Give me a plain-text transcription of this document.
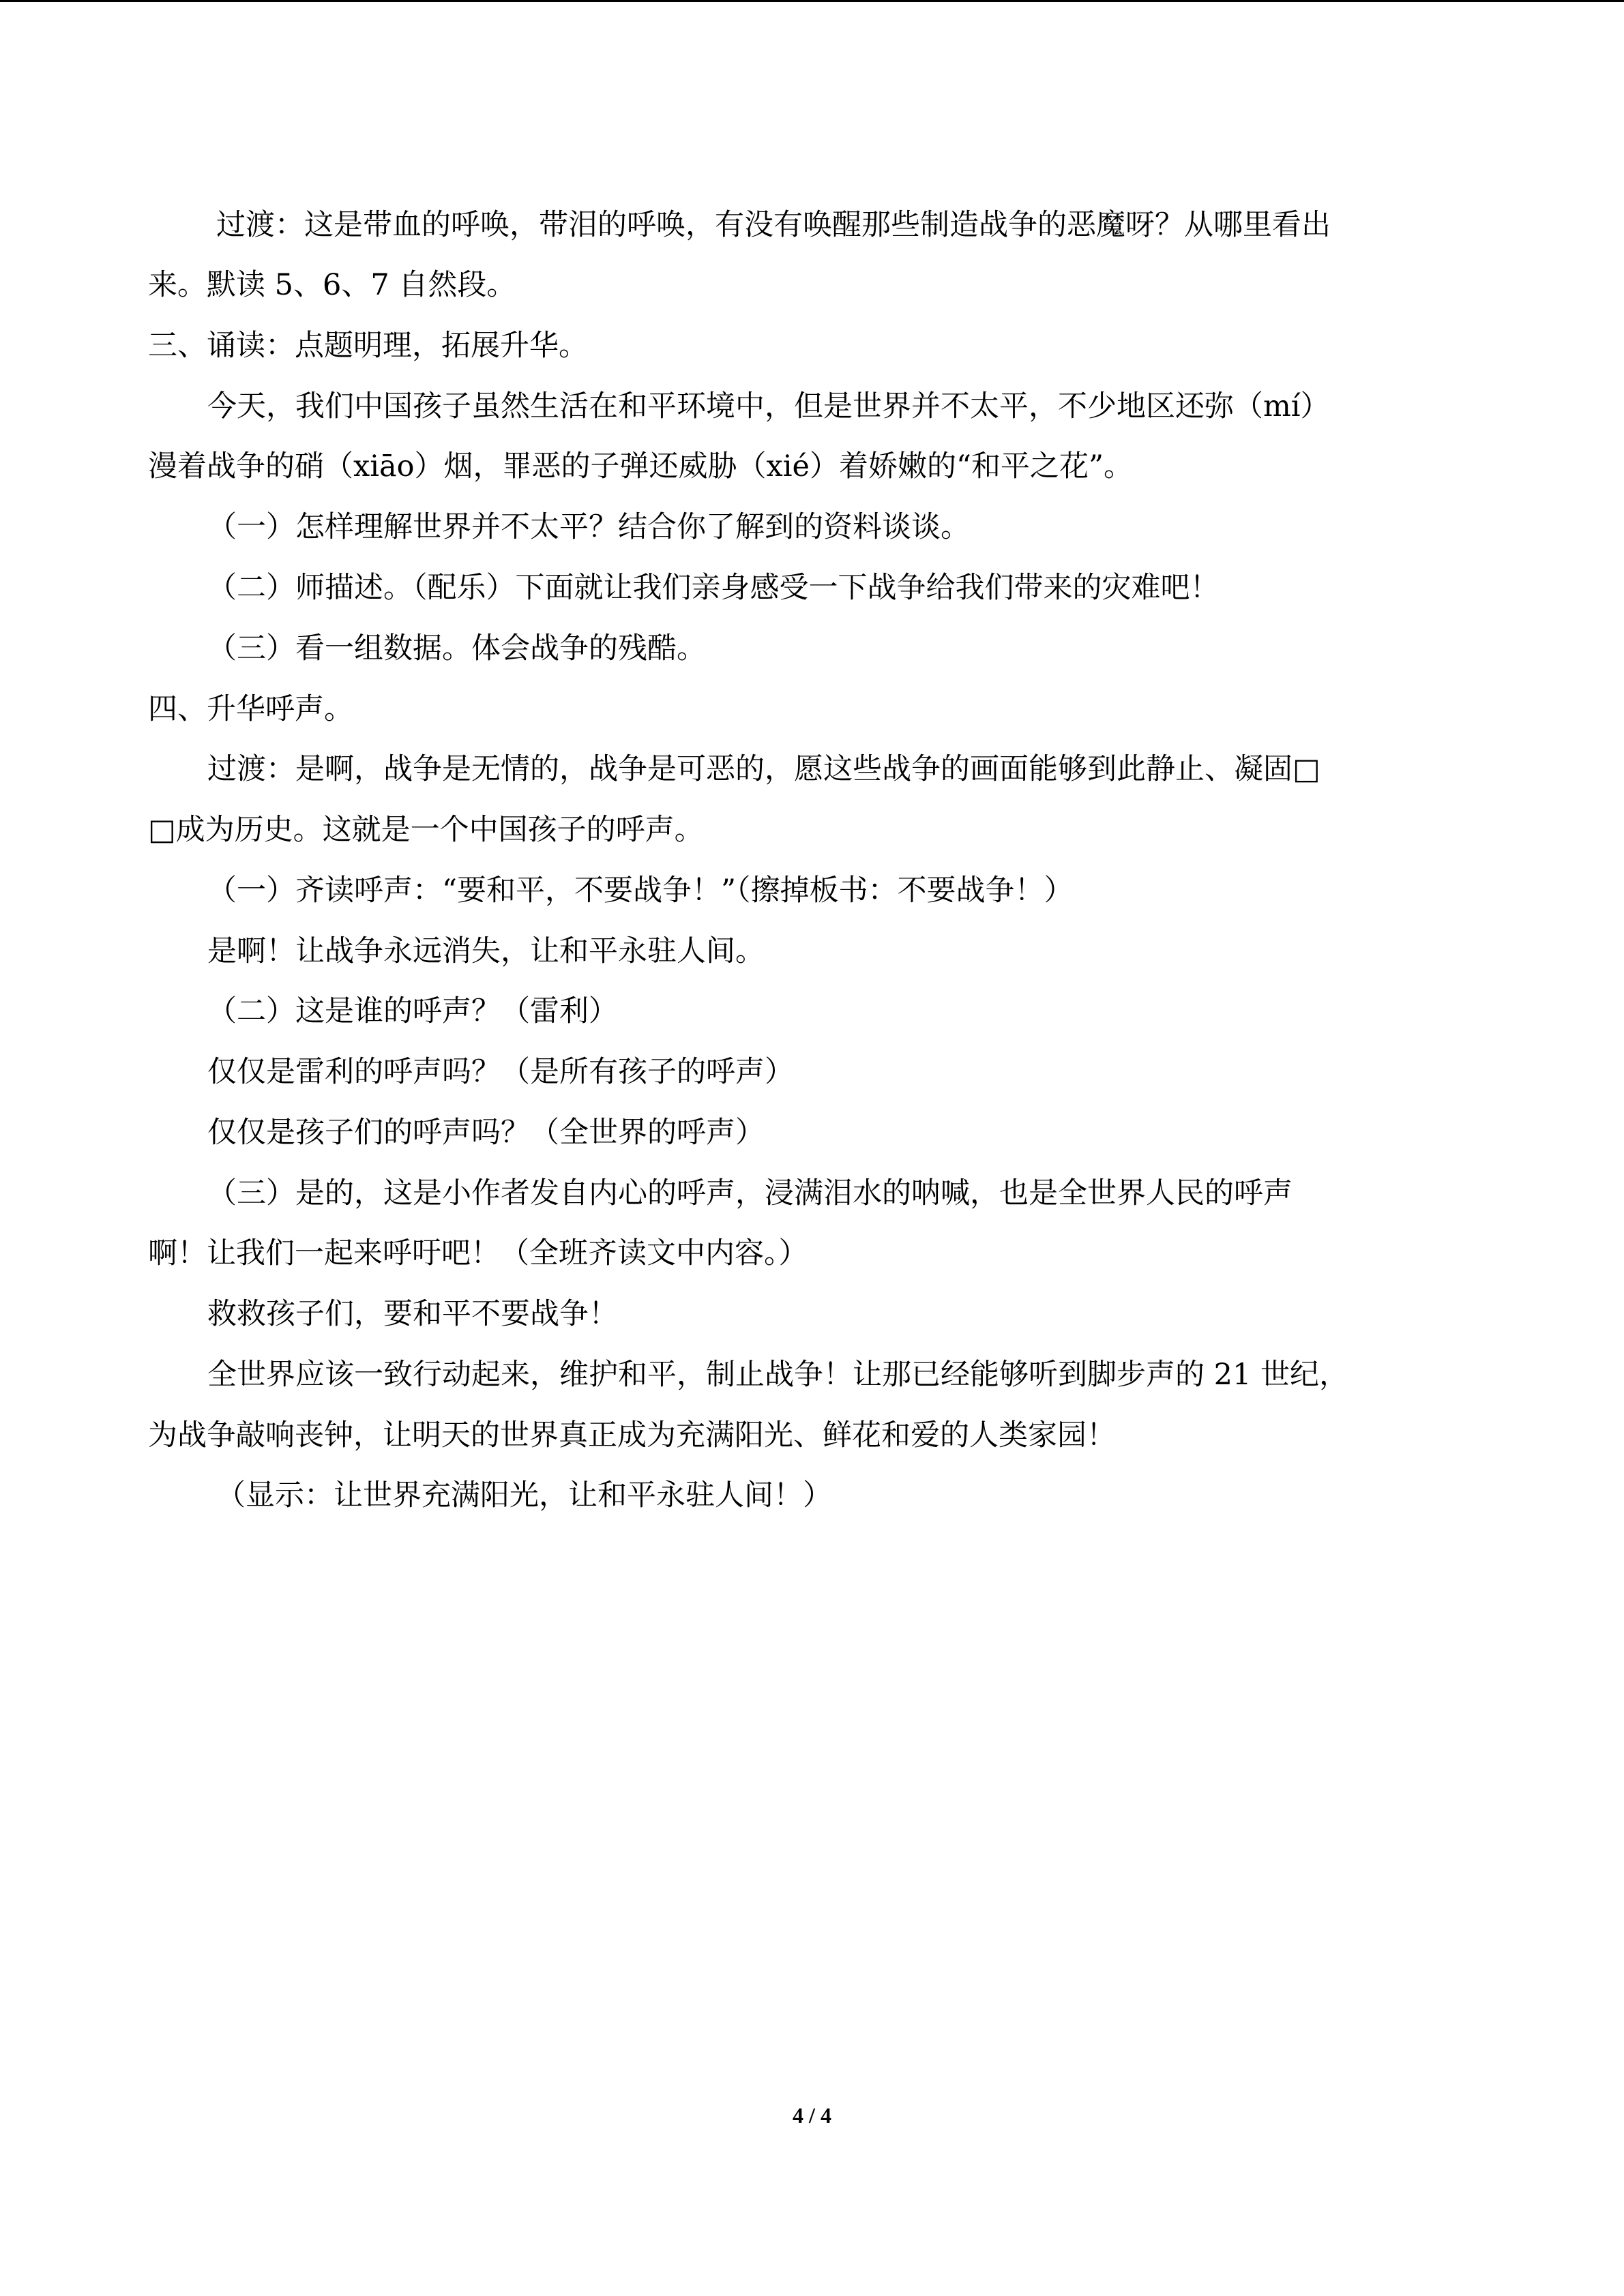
过渡：这是带血的呼唤，带泪的呼唤，有没有唤醒那些制造战争的恶魔呀？从哪里看出
来。默读 5、6、7 自然段。
三、诵读：点题明理，拓展升华。
今天，我们中国孩子虽然生活在和平环境中，但是世界并不太平，不少地区还弥（mí）
漫着战争的硝（xiāo）烟，罪恶的子弹还威胁（xié）着娇嫩的“和平之花”。
（一）怎样理解世界并不太平？结合你了解到的资料谈谈。
（二）师描述。（配乐）下面就让我们亲身感受一下战争给我们带来的灾难吧！
（三）看一组数据。体会战争的残酷。
四、升华呼声。
过渡：是啊，战争是无情的，战争是可恶的，愿这些战争的画面能够到此静止、凝固□
□成为历史。这就是一个中国孩子的呼声。
（一）齐读呼声：“要和平，不要战争！”（擦掉板书：不要战争！）
是啊！让战争永远消失，让和平永驻人间。
（二）这是谁的呼声？（雷利）
仅仅是雷利的呼声吗？（是所有孩子的呼声）
仅仅是孩子们的呼声吗？（全世界的呼声）
（三）是的，这是小作者发自内心的呼声，浸满泪水的呐喊，也是全世界人民的呼声
啊！让我们一起来呼吁吧！（全班齐读文中内容。）
救救孩子们，要和平不要战争！
全世界应该一致行动起来，维护和平，制止战争！让那已经能够听到脚步声的 21 世纪，
为战争敲响丧钟，让明天的世界真正成为充满阳光、鲜花和爱的人类家园！
（显示：让世界充满阳光，让和平永驻人间！）
4 / 4
